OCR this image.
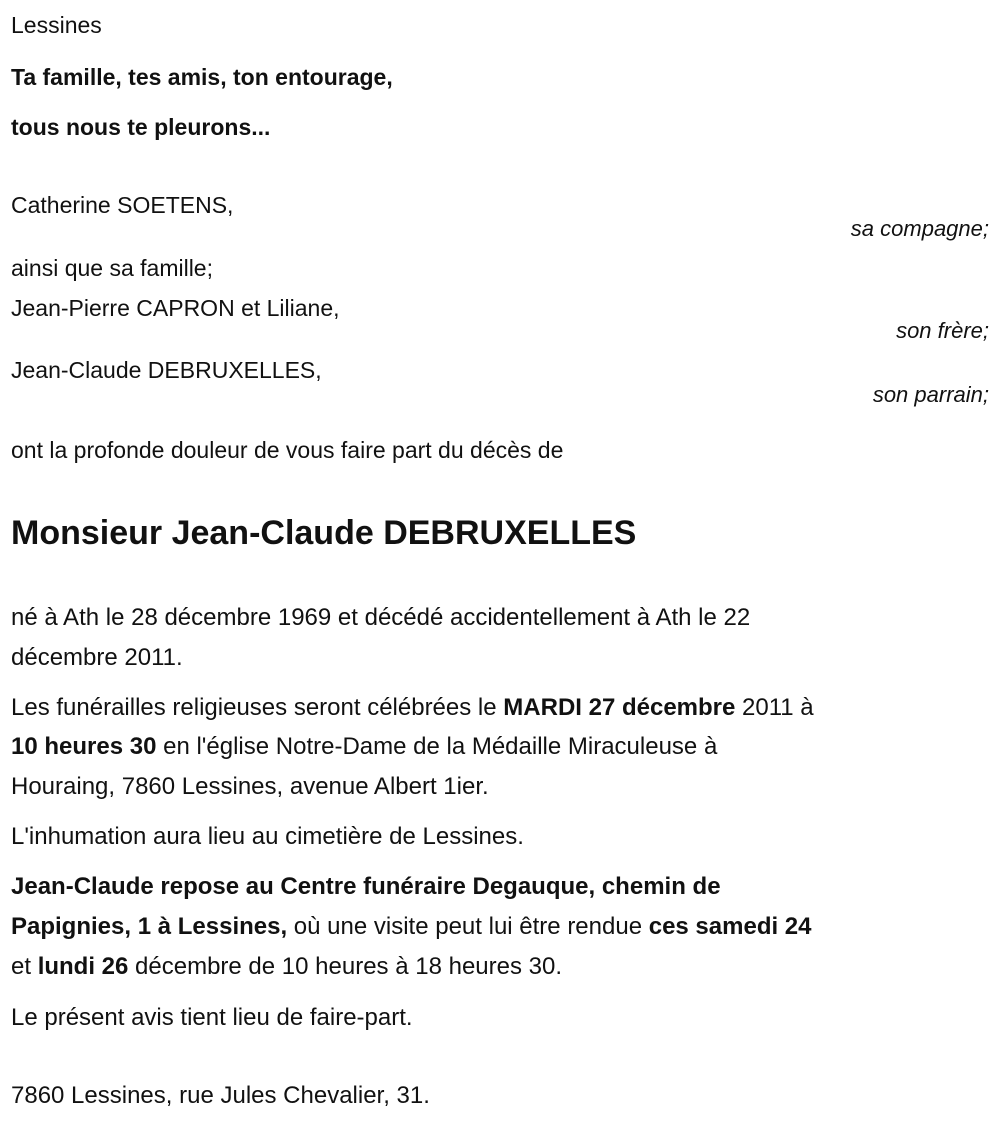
Lessines
Ta famille, tes amis, ton entourage,
tous nous te pleurons...
Catherine SOETENS,
sa compagne;
ainsi que sa famille;
Jean-Pierre CAPRON et Liliane,
son frère;
Jean-Claude DEBRUXELLES,
son parrain;
ont la profonde douleur de vous faire part du décès de
Monsieur Jean-Claude DEBRUXELLES
né à Ath le 28 décembre 1969 et décédé accidentellement à Ath le 22
décembre 2011.
Les funérailles religieuses seront célébrées le MARDI 27 décembre 2011 à
10 heures 30 en l'église Notre-Dame de la Médaille Miraculeuse à
Houraing, 7860 Lessines, avenue Albert 1ier.
L'inhumation aura lieu au cimetière de Lessines.
Jean-Claude repose au Centre funéraire Degauque, chemin de
Papignies, 1 à Lessines, où une visite peut lui être rendue ces samedi 24
et lundi 26 décembre de 10 heures à 18 heures 30.
Le présent avis tient lieu de faire-part.
7860 Lessines, rue Jules Chevalier, 31.
